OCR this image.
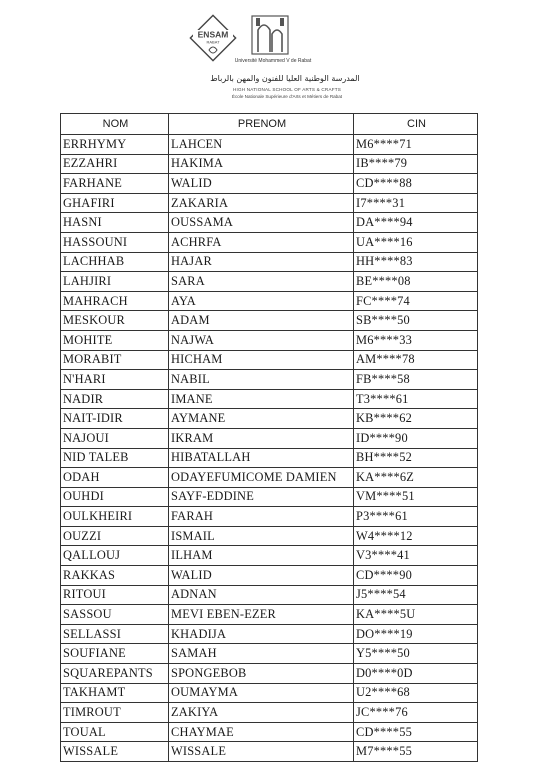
ENSAM
RABAT
Université Mohammed V de Rabat
المدرسة الوطنية العليا للفنون والمهن بالرباط
HIGH NATIONAL SCHOOL OF ARTS & CRAFTS
École Nationale Supérieure d'Arts et Métiers de Rabat
NOM	PRENOM	CIN
ERRHYMY	LAHCEN	M6****71
EZZAHRI	HAKIMA	IB****79
FARHANE	WALID	CD****88
GHAFIRI	ZAKARIA	I7****31
HASNI	OUSSAMA	DA****94
HASSOUNI	ACHRFA	UA****16
LACHHAB	HAJAR	HH****83
LAHJIRI	SARA	BE****08
MAHRACH	AYA	FC****74
MESKOUR	ADAM	SB****50
MOHITE	NAJWA	M6****33
MORABIT	HICHAM	AM****78
N'HARI	NABIL	FB****58
NADIR	IMANE	T3****61
NAIT-IDIR	AYMANE	KB****62
NAJOUI	IKRAM	ID****90
NID TALEB	HIBATALLAH	BH****52
ODAH	ODAYEFUMICOME DAMIEN	KA****6Z
OUHDI	SAYF-EDDINE	VM****51
OULKHEIRI	FARAH	P3****61
OUZZI	ISMAIL	W4****12
QALLOUJ	ILHAM	V3****41
RAKKAS	WALID	CD****90
RITOUI	ADNAN	J5****54
SASSOU	MEVI EBEN-EZER	KA****5U
SELLASSI	KHADIJA	DO****19
SOUFIANE	SAMAH	Y5****50
SQUAREPANTS	SPONGEBOB	D0****0D
TAKHAMT	OUMAYMA	U2****68
TIMROUT	ZAKIYA	JC****76
TOUAL	CHAYMAE	CD****55
WISSALE	WISSALE	M7****55
